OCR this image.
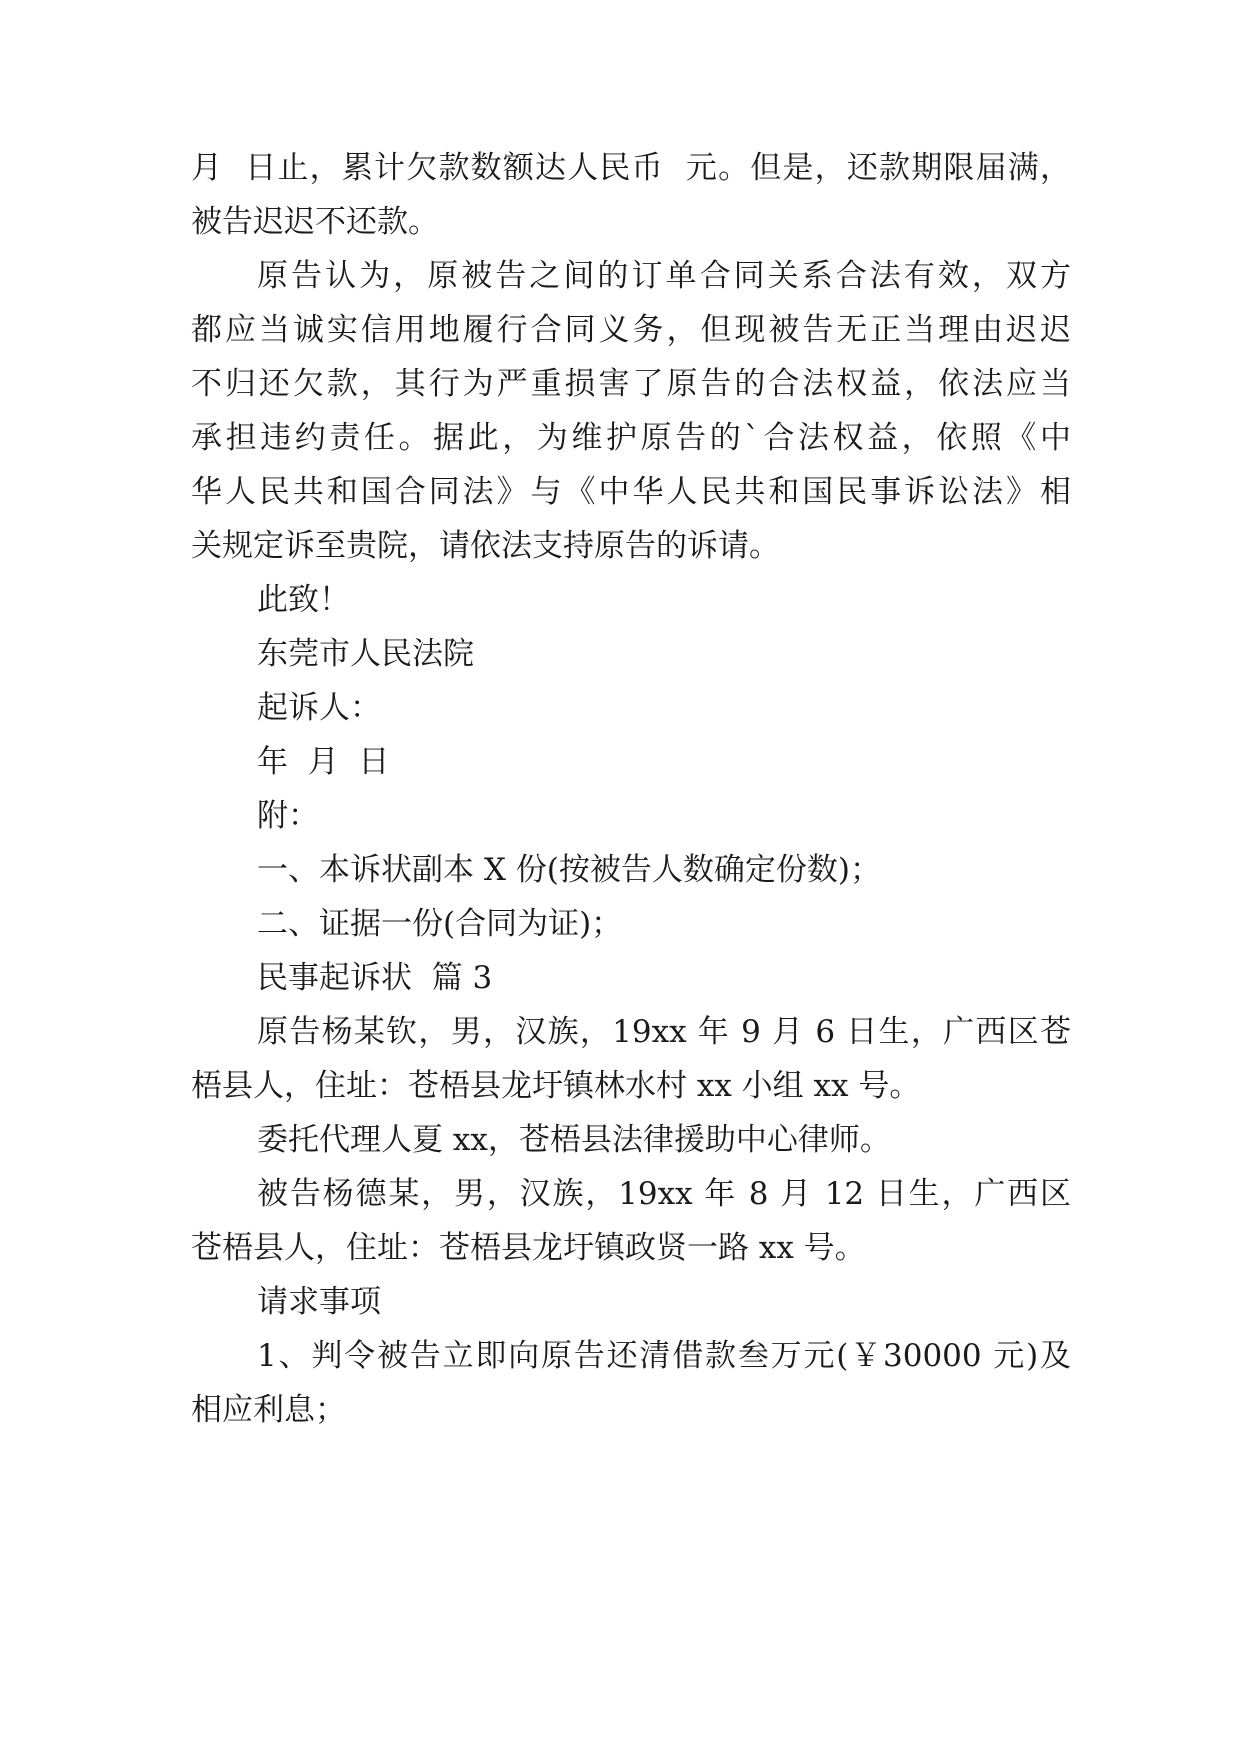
月  日止，累计欠款数额达人民币  元。但是，还款期限届满，
被告迟迟不还款。
原告认为，原被告之间的订单合同关系合法有效，双方
都应当诚实信用地履行合同义务，但现被告无正当理由迟迟
不归还欠款，其行为严重损害了原告的合法权益，依法应当
承担违约责任。据此，为维护原告的`合法权益，依照《中
华人民共和国合同法》与《中华人民共和国民事诉讼法》相
关规定诉至贵院，请依法支持原告的诉请。
此致！
东莞市人民法院
起诉人：
年  月  日
附：
一、本诉状副本 X 份(按被告人数确定份数)；
二、证据一份(合同为证)；
民事起诉状  篇 3
原告杨某钦，男，汉族，19xx 年 9 月 6 日生，广西区苍
梧县人，住址：苍梧县龙圩镇林水村 xx 小组 xx 号。
委托代理人夏 xx，苍梧县法律援助中心律师。
被告杨德某，男，汉族，19xx 年 8 月 12 日生，广西区
苍梧县人，住址：苍梧县龙圩镇政贤一路 xx 号。
请求事项
1、判令被告立即向原告还清借款叁万元(￥30000 元)及
相应利息；
